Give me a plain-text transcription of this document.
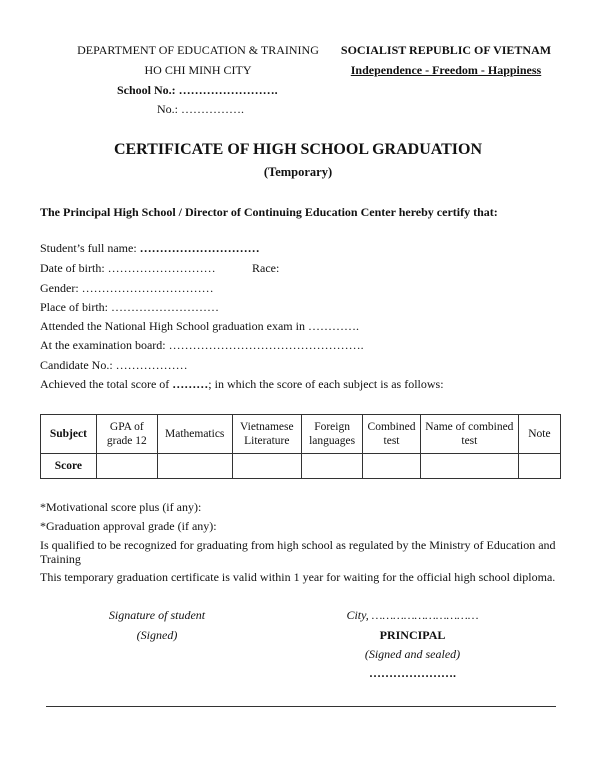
DEPARTMENT OF EDUCATION & TRAINING
HO CHI MINH CITY
School No.: …………………….
No.: …………….
SOCIALIST REPUBLIC OF VIETNAM
Independence - Freedom - Happiness
CERTIFICATE OF HIGH SCHOOL GRADUATION
(Temporary)
The Principal High School / Director of Continuing Education Center hereby certify that:
Student’s full name: …………………………
Date of birth: ………………………	Race:
Gender: ……………………………
Place of birth: ………………………
Attended the National High School graduation exam in ………….
At the examination board: ………………………………………….
Candidate No.: ………………
Achieved the total score of ………; in which the score of each subject is as follows:
Subject	GPA of grade 12	Mathematics	Vietnamese Literature	Foreign languages	Combined test	Name of combined test	Note
Score							
*Motivational score plus (if any):
*Graduation approval grade (if any):
Is qualified to be recognized for graduating from high school as regulated by the Ministry of Education and Training
This temporary graduation certificate is valid within 1 year for waiting for the official high school diploma.
Signature of student
(Signed)
City, …………………………
PRINCIPAL
(Signed and sealed)
………………….
